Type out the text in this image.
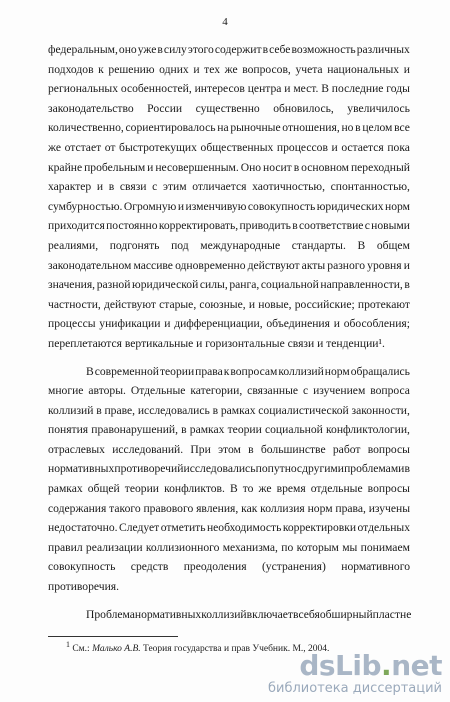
4
федеральным, оно уже в силу этого содержит в себе возможность различных
подходов к решению одних и тех же вопросов, учета национальных и
региональных особенностей, интересов центра и мест. В последние годы
законодательство России существенно обновилось, увеличилось
количественно, сориентировалось на рыночные отношения, но в целом все
же отстает от быстротекущих общественных процессов и остается пока
крайне пробельным и несовершенным. Оно носит в основном переходный
характер и в связи с этим отличается хаотичностью, спонтанностью,
сумбурностью. Огромную и изменчивую совокупность юридических норм
приходится постоянно корректировать, приводить в соответствие с новыми
реалиями, подгонять под международные стандарты. В общем
законодательном массиве одновременно действуют акты разного уровня и
значения, разной юридической силы, ранга, социальной направленности, в
частности, действуют старые, союзные, и новые, российские; протекают
процессы унификации и дифференциации, объединения и обособления;
переплетаются вертикальные и горизонтальные связи и тенденции¹.
В современной теории права к вопросам коллизий норм обращались
многие авторы. Отдельные категории, связанные с изучением вопроса
коллизий в праве, исследовались в рамках социалистической законности,
понятия правонарушений, в рамках теории социальной конфликтологии,
отраслевых исследований. При этом в большинстве работ вопросы
нормативных противоречий исследовались попутно с другими проблемами в
рамках общей теории конфликтов. В то же время отдельные вопросы
содержания такого правового явления, как коллизия норм права, изучены
недостаточно. Следует отметить необходимость корректировки отдельных
правил реализации коллизионного механизма, по которым мы понимаем
совокупность средств преодоления (устранения) нормативного
противоречия.
Проблема нормативных коллизий включает в себя обширный пласт не
$^1$ См.: Малько А.В. Теория государства и прав Учебник. М., 2004.
dsLib.net
библиотека диссертаций
